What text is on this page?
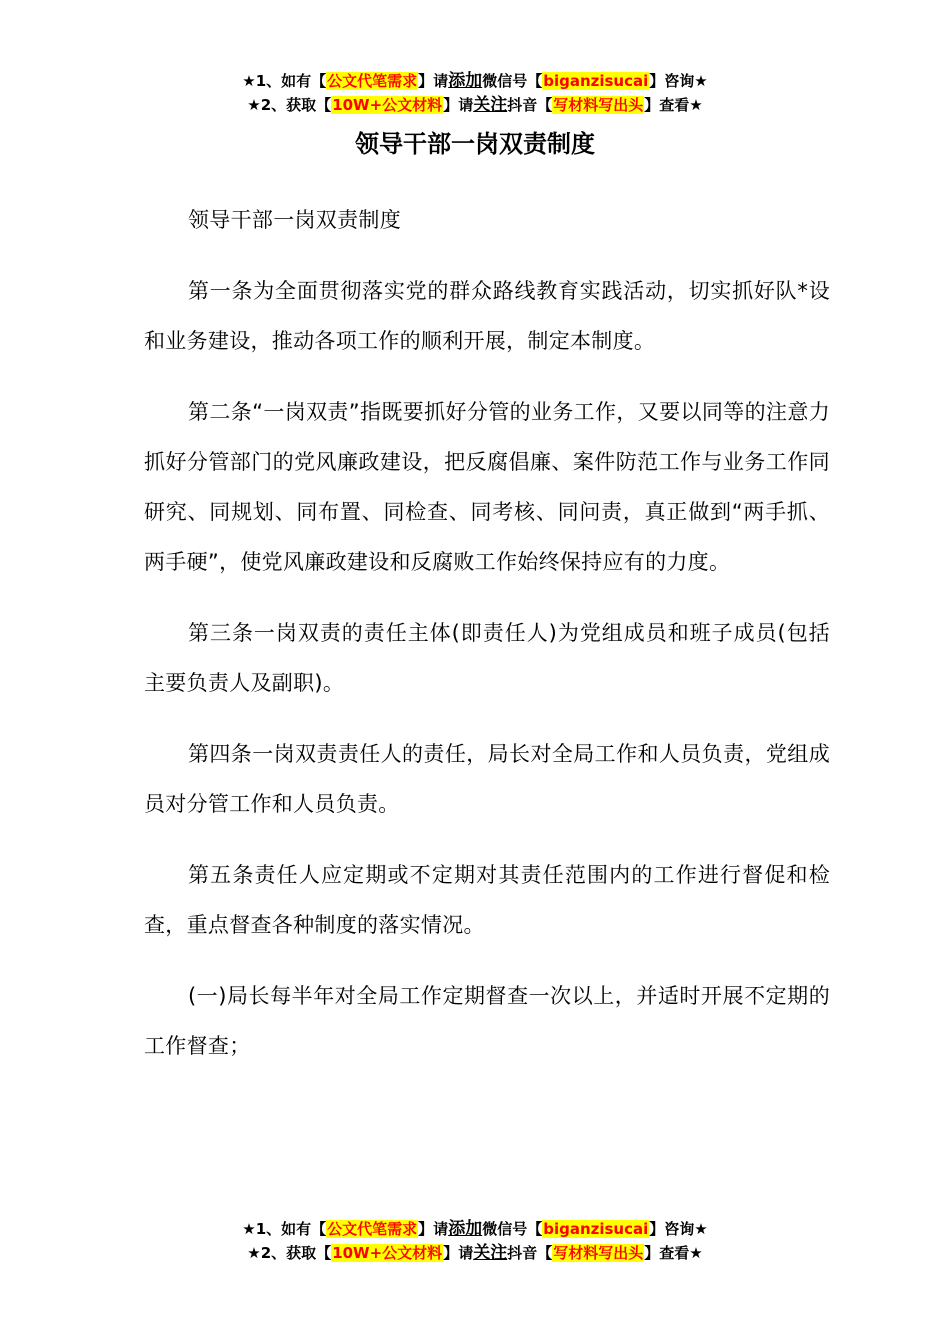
★1、如有【公文代笔需求】请添加微信号【biganzisucai】咨询★
★2、获取【10W+公文材料】请关注抖音【写材料写出头】查看★
领导干部一岗双责制度

领导干部一岗双责制度

第一条为全面贯彻落实党的群众路线教育实践活动，切实抓好队*设和业务建设，推动各项工作的顺利开展，制定本制度。

第二条“一岗双责”指既要抓好分管的业务工作，又要以同等的注意力抓好分管部门的党风廉政建设，把反腐倡廉、案件防范工作与业务工作同研究、同规划、同布置、同检查、同考核、同问责，真正做到“两手抓、两手硬”，使党风廉政建设和反腐败工作始终保持应有的力度。

第三条一岗双责的责任主体(即责任人)为党组成员和班子成员(包括主要负责人及副职)。

第四条一岗双责责任人的责任，局长对全局工作和人员负责，党组成员对分管工作和人员负责。

第五条责任人应定期或不定期对其责任范围内的工作进行督促和检查，重点督查各种制度的落实情况。

(一)局长每半年对全局工作定期督查一次以上，并适时开展不定期的工作督查；

★1、如有【公文代笔需求】请添加微信号【biganzisucai】咨询★
★2、获取【10W+公文材料】请关注抖音【写材料写出头】查看★
